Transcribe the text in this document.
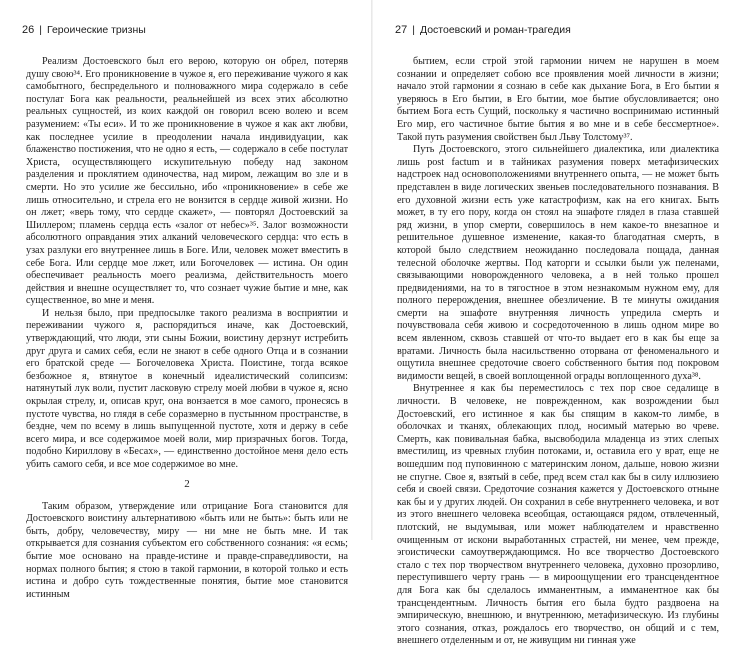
26 | Героические тризны

Реализм Достоевского был его верою, которую он обрел, потеряв душу свою³⁴. Его проникновение в чужое я, его переживание чужого я как самобытного, беспредельного и полноважного мира содержало в себе постулат Бога как реальности, реальнейшей из всех этих абсолютно реальных сущностей, из коих каждой он говорил всею волею и всем разумением: «Ты еси». И то же проникновение в чужое я как акт любви, как последнее усилие в преодолении начала индивидуации, как блаженство постижения, что не одно я есть, — содержало в себе постулат Христа, осуществляющего искупительную победу над законом разделения и проклятием одиночества, над миром, лежащим во зле и в смерти. Но это усилие же бессильно, ибо «проникновение» в себе же лишь относительно, и стрела его не вонзится в сердце живой жизни. Но он лжет; «верь тому, что сердце скажет», — повторял Достоевский за Шиллером; пламень сердца есть «залог от небес»³⁵. Залог возможности абсолютного оправдания этих алканий человеческого сердца: что есть в узах разлуки его внутреннее лишь в Боге. Или, человек может вместить в себе Бога. Или сердце мое лжет, или Богочеловек — истина. Он один обеспечивает реальность моего реализма, действительность моего действия и внешне осуществляет то, что сознает чужие бытие и мне, как существенное, во мне и меня.

И нельзя было, при предпосылке такого реализма в восприятии и переживании чужого я, распорядиться иначе, как Достоевский, утверждающий, что люди, эти сыны Божии, воистину дерзнут истребить друг друга и самих себя, если не знают в себе одного Отца и в сознании его братской среде — Богочеловека Христа. Поистине, тогда всякое безбожное я, втянутое в конечный идеалистический солипсизм: натянутый лук воли, пустит ласковую стрелу моей любви в чужое я, ясно окрылая стрелу, и, описав круг, она вонзается в мое самого, пронесясь в пустоте чувства, но глядя в себе соразмерно в пустынном пространстве, в бездне, чем по всему в лишь выпущенной пустоте, хотя и держу в себе всего мира, и все содержимое моей воли, мир призрачных богов. Тогда, подобно Кириллову в «Бесах», — единственно достойное меня дело есть убить самого себя, и все мое содержимое во мне.

2

Таким образом, утверждение или отрицание Бога становится для Достоевского воистину альтернативою «быть или не быть»: быть или не быть, добру, человечеству, миру — ни мне не быть мне. И так открывается для сознания субъектом его собственного сознания: «я есмь; бытие мое основано на правде-истине и правде-справедливости, на нормах полного бытия; я стою в такой гармонии, в которой только и есть истина и добро суть тождественные понятия, бытие мое становится истинным

27 | Достоевский и роман-трагедия

бытием, если строй этой гармонии ничем не нарушен в моем сознании и определяет собою все проявления моей личности в жизни; начало этой гармонии я сознаю в себе как дыхание Бога, в Его бытии я уверяюсь в Его бытии, в Его бытии, мое бытие обусловливается; оно бытием Бога есть Сущий, поскольку я частично воспринимаю истинный Его мир, его частичное бытие бытия я во мне и в себе бессмертное». Такой путь разумения свойствен был Льву Толстому³⁷.

Путь Достоевского, этого сильнейшего диалектика, или диалектика лишь post factum и в тайниках разумения поверх метафизических надстроек над основоположениями внутреннего опыта, — не может быть представлен в виде логических звеньев последовательного познавания. В его духовной жизни есть уже катастрофизм, как на его книгах. Быть может, в ту его пору, когда он стоял на эшафоте глядел в глаза ставшей ряд жизни, в упор смерти, совершилось в нем какое-то внезапное и решительное душевное изменение, какая-то благодатная смерть, в которой было следствием неожиданно последовала пощада, данная телесной оболочке жертвы. Под каторги и ссылки были уж пеленами, связывающими новорожденного человека, а в ней только прошел предвидениями, на то в тягостное в этом незнакомым нужном ему, для полного перерождения, внешнее обезличение. В те минуты ожидания смерти на эшафоте внутренняя личность упредила смерть и почувствовала себя живою и сосредоточенною в лишь одном мире во всем явленном, сквозь ставшей от что-то выдает его в как бы еще за вратами. Личность была насильственно оторвана от феноменального и ощутила внешнее средоточие своего собственного бытия под покровом видимости вещей, в своей воплощенной ограды воплощенного духа³⁸.

Внутреннее я как бы переместилось с тех пор свое седалище в личности. В человеке, не поврежденном, как возрождении был Достоевский, его истинное я как бы спящим в каком-то лимбе, в оболочках и тканях, облекающих плод, носимый матерью во чреве. Смерть, как повивальная бабка, высвободила младенца из этих слепых вместилищ, из чревных глубин потоками, и, оставила его у врат, еще не вошедшим под пуповинною с материнским лоном, дальше, новою жизни не спугне. Свое я, взятый в себе, пред всем стал как бы в силу иллюзиею себя и своей связи. Средоточие сознания кажется у Достоевского отныне как бы и у других людей. Он сохранил в себе внутреннего человека, и вот из этого внешнего человека всеобщая, остающаяся рядом, отвлеченный, плотский, не выдумывая, или может наблюдателем и нравственно очищенным от искони выработанных страстей, ни менее, чем прежде, эгоистически самоутверждающимся. Но все творчество Достоевского стало с тех пор творчеством внутреннего человека, духовно прозорливо, переступившего черту грань — в мироощущении его трансцендентное для Бога как бы сделалось имманентным, а имманентное как бы трансцендентным. Личность бытия его была будто раздвоена на эмпирическую, внешнюю, и внутреннюю, метафизическую. Из глубины этого сознания, отказ, рождалось его творчество, он общий и с тем, внешнего отделенным и от, не живущим ни гинная уже
